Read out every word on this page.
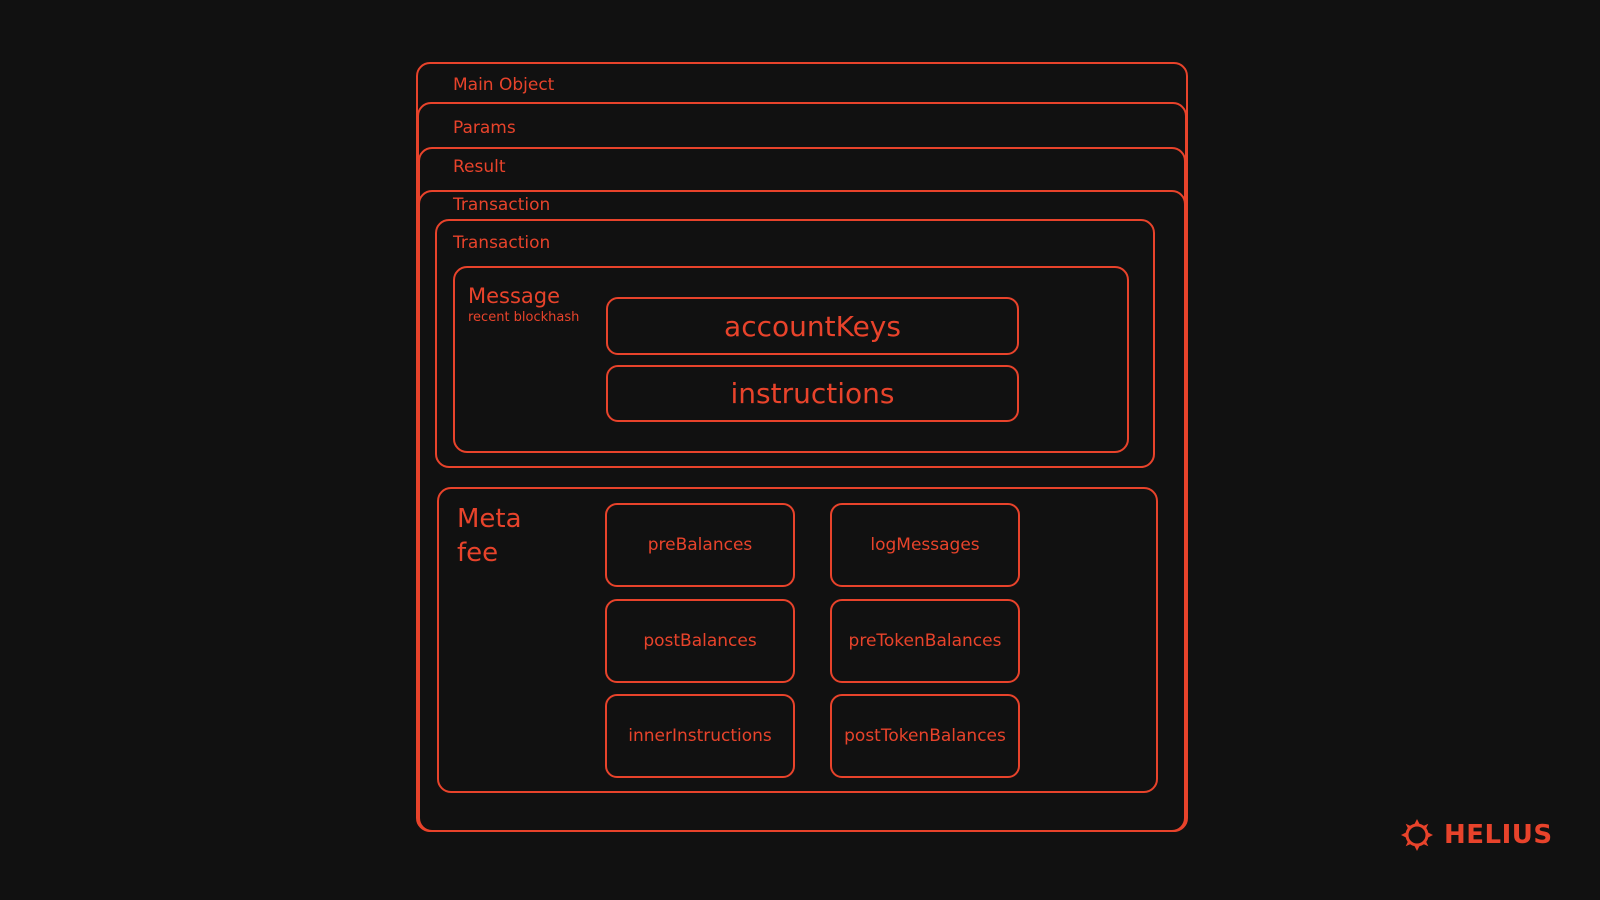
Main Object
Params
Result
Transaction
Transaction
Message
recent blockhash	accountKeys
instructions
Meta
fee	preBalances	logMessages
postBalances	preTokenBalances
innerInstructions	postTokenBalances
HELIUS
